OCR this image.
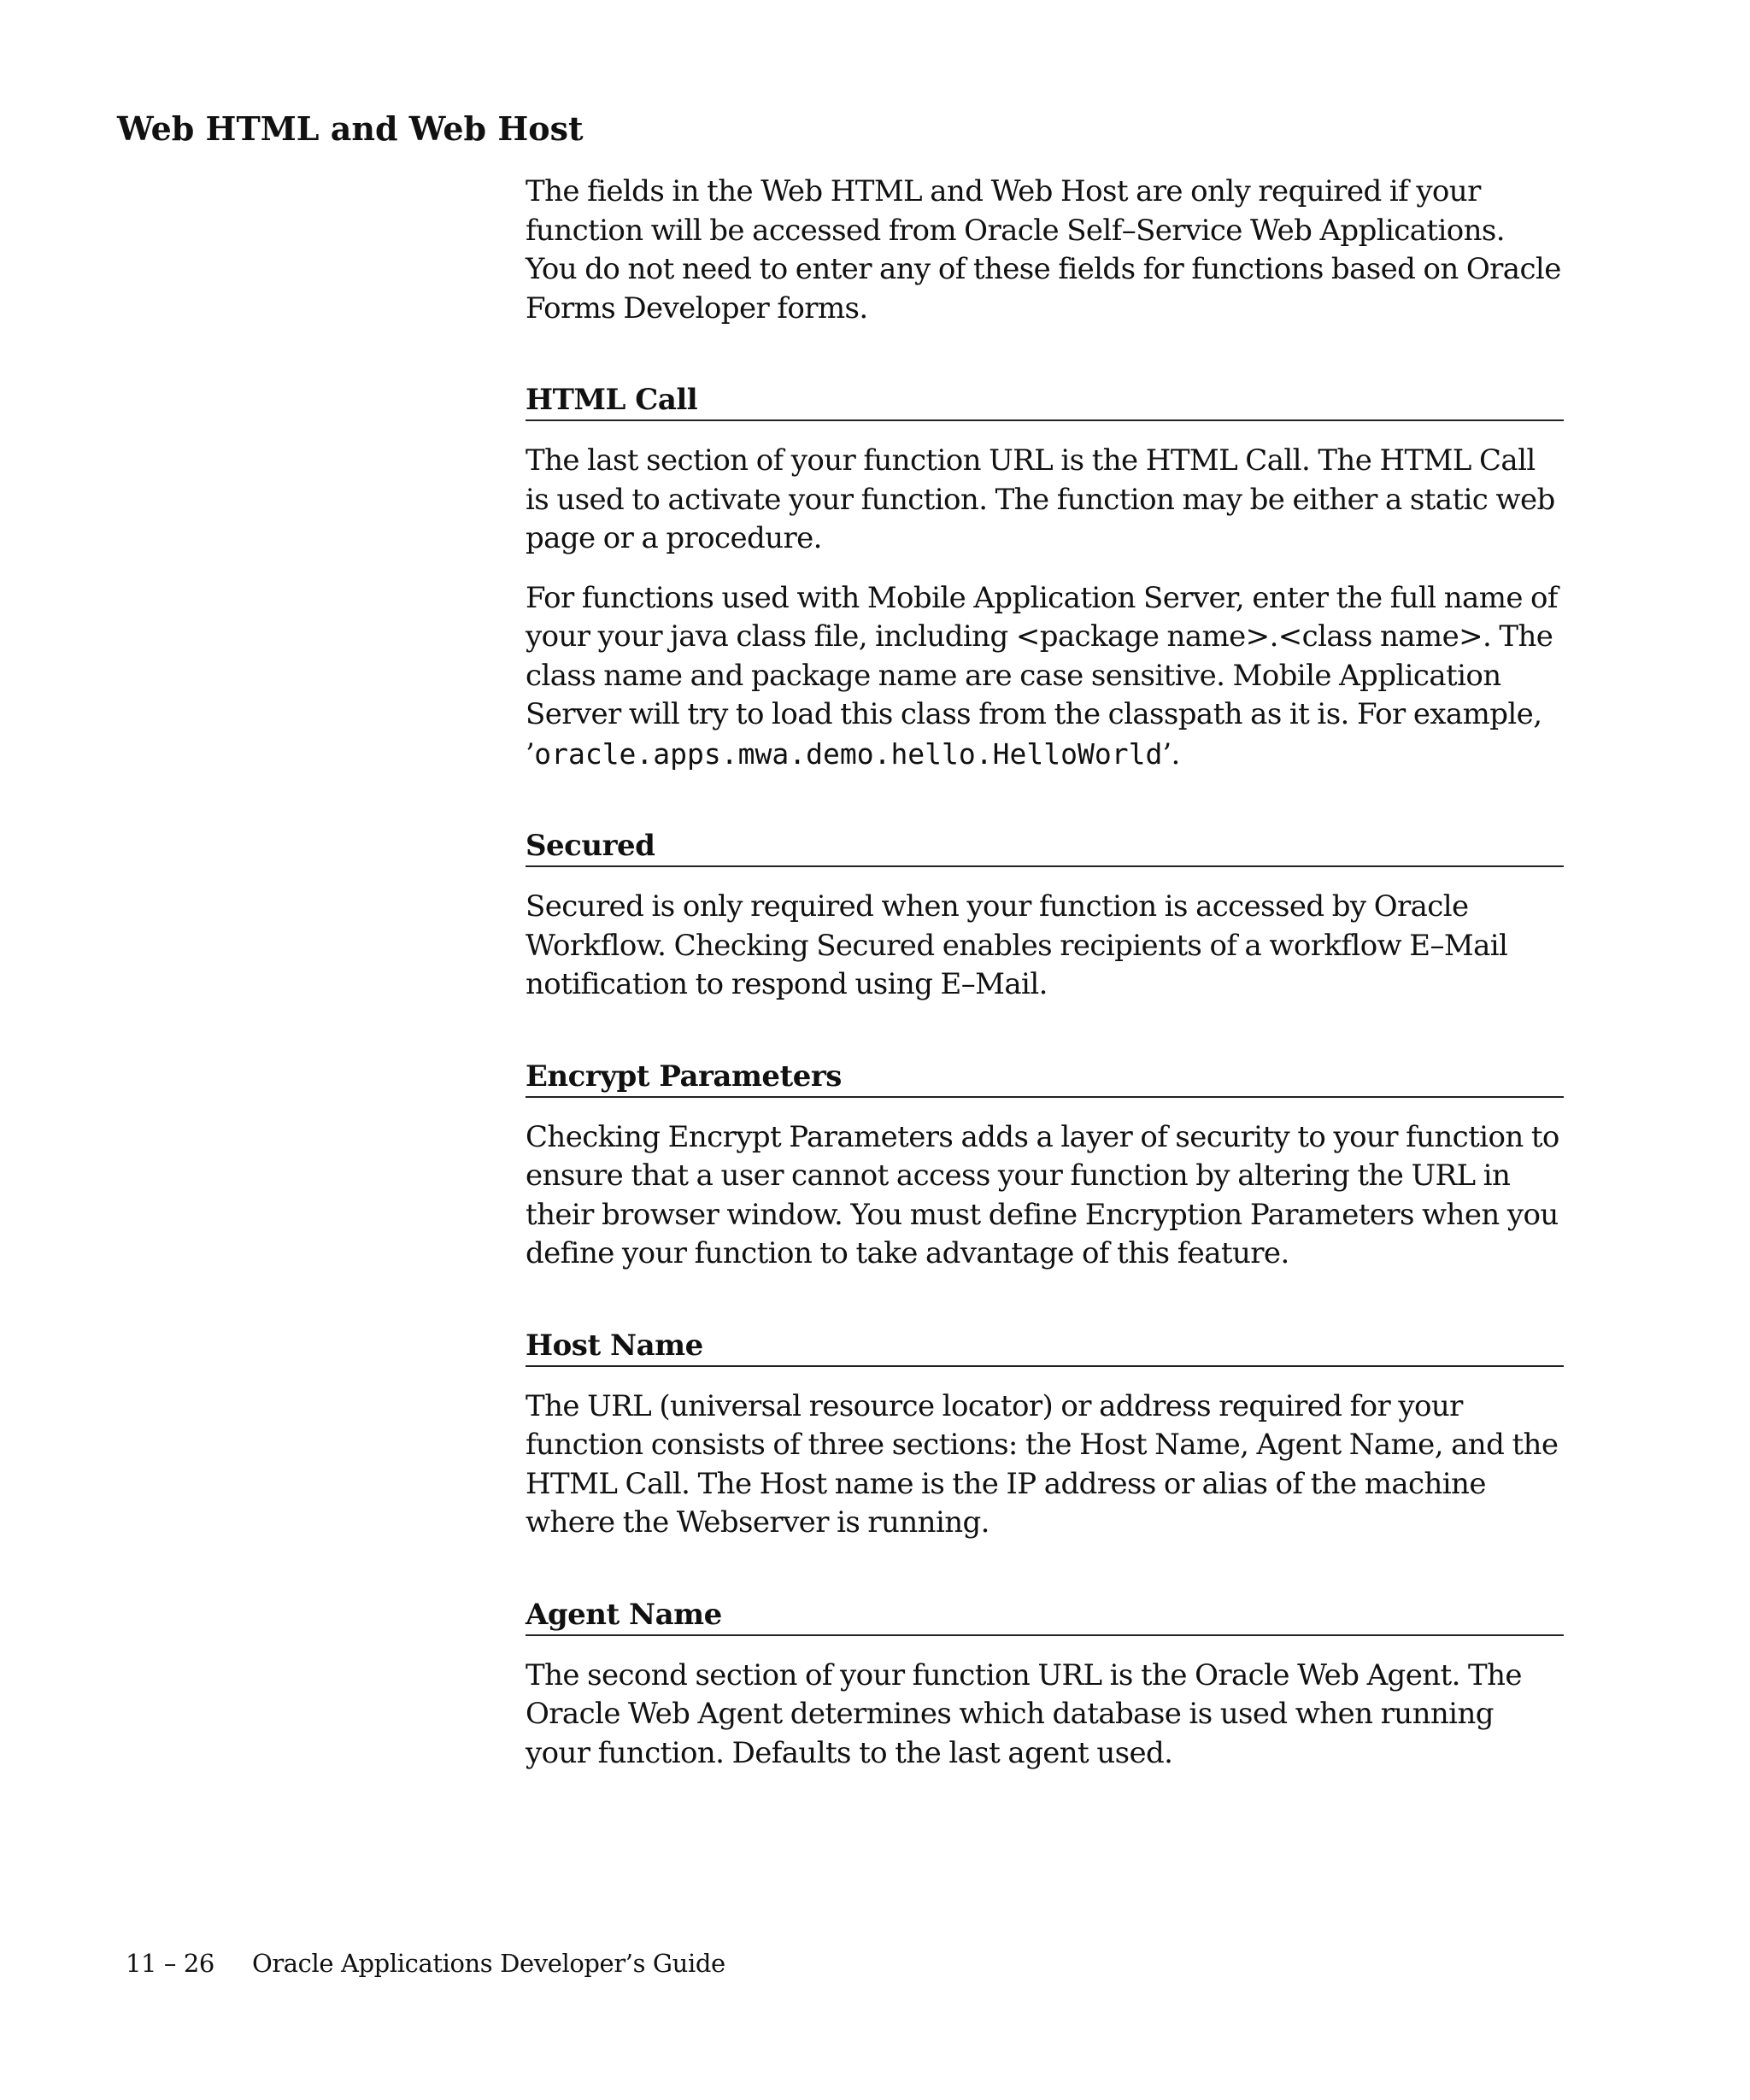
Web HTML and Web Host

The fields in the Web HTML and Web Host are only required if your function will be accessed from Oracle Self–Service Web Applications. You do not need to enter any of these fields for functions based on Oracle Forms Developer forms.

HTML Call

The last section of your function URL is the HTML Call. The HTML Call is used to activate your function. The function may be either a static web page or a procedure.

For functions used with Mobile Application Server, enter the full name of your your java class file, including <package name>.<class name>. The class name and package name are case sensitive. Mobile Application Server will try to load this class from the classpath as it is. For example, ’oracle.apps.mwa.demo.hello.HelloWorld’.

Secured

Secured is only required when your function is accessed by Oracle Workflow. Checking Secured enables recipients of a workflow E–Mail notification to respond using E–Mail.

Encrypt Parameters

Checking Encrypt Parameters adds a layer of security to your function to ensure that a user cannot access your function by altering the URL in their browser window. You must define Encryption Parameters when you define your function to take advantage of this feature.

Host Name

The URL (universal resource locator) or address required for your function consists of three sections: the Host Name, Agent Name, and the HTML Call. The Host name is the IP address or alias of the machine where the Webserver is running.

Agent Name

The second section of your function URL is the Oracle Web Agent. The Oracle Web Agent determines which database is used when running your function. Defaults to the last agent used.

11 – 26 Oracle Applications Developer’s Guide
